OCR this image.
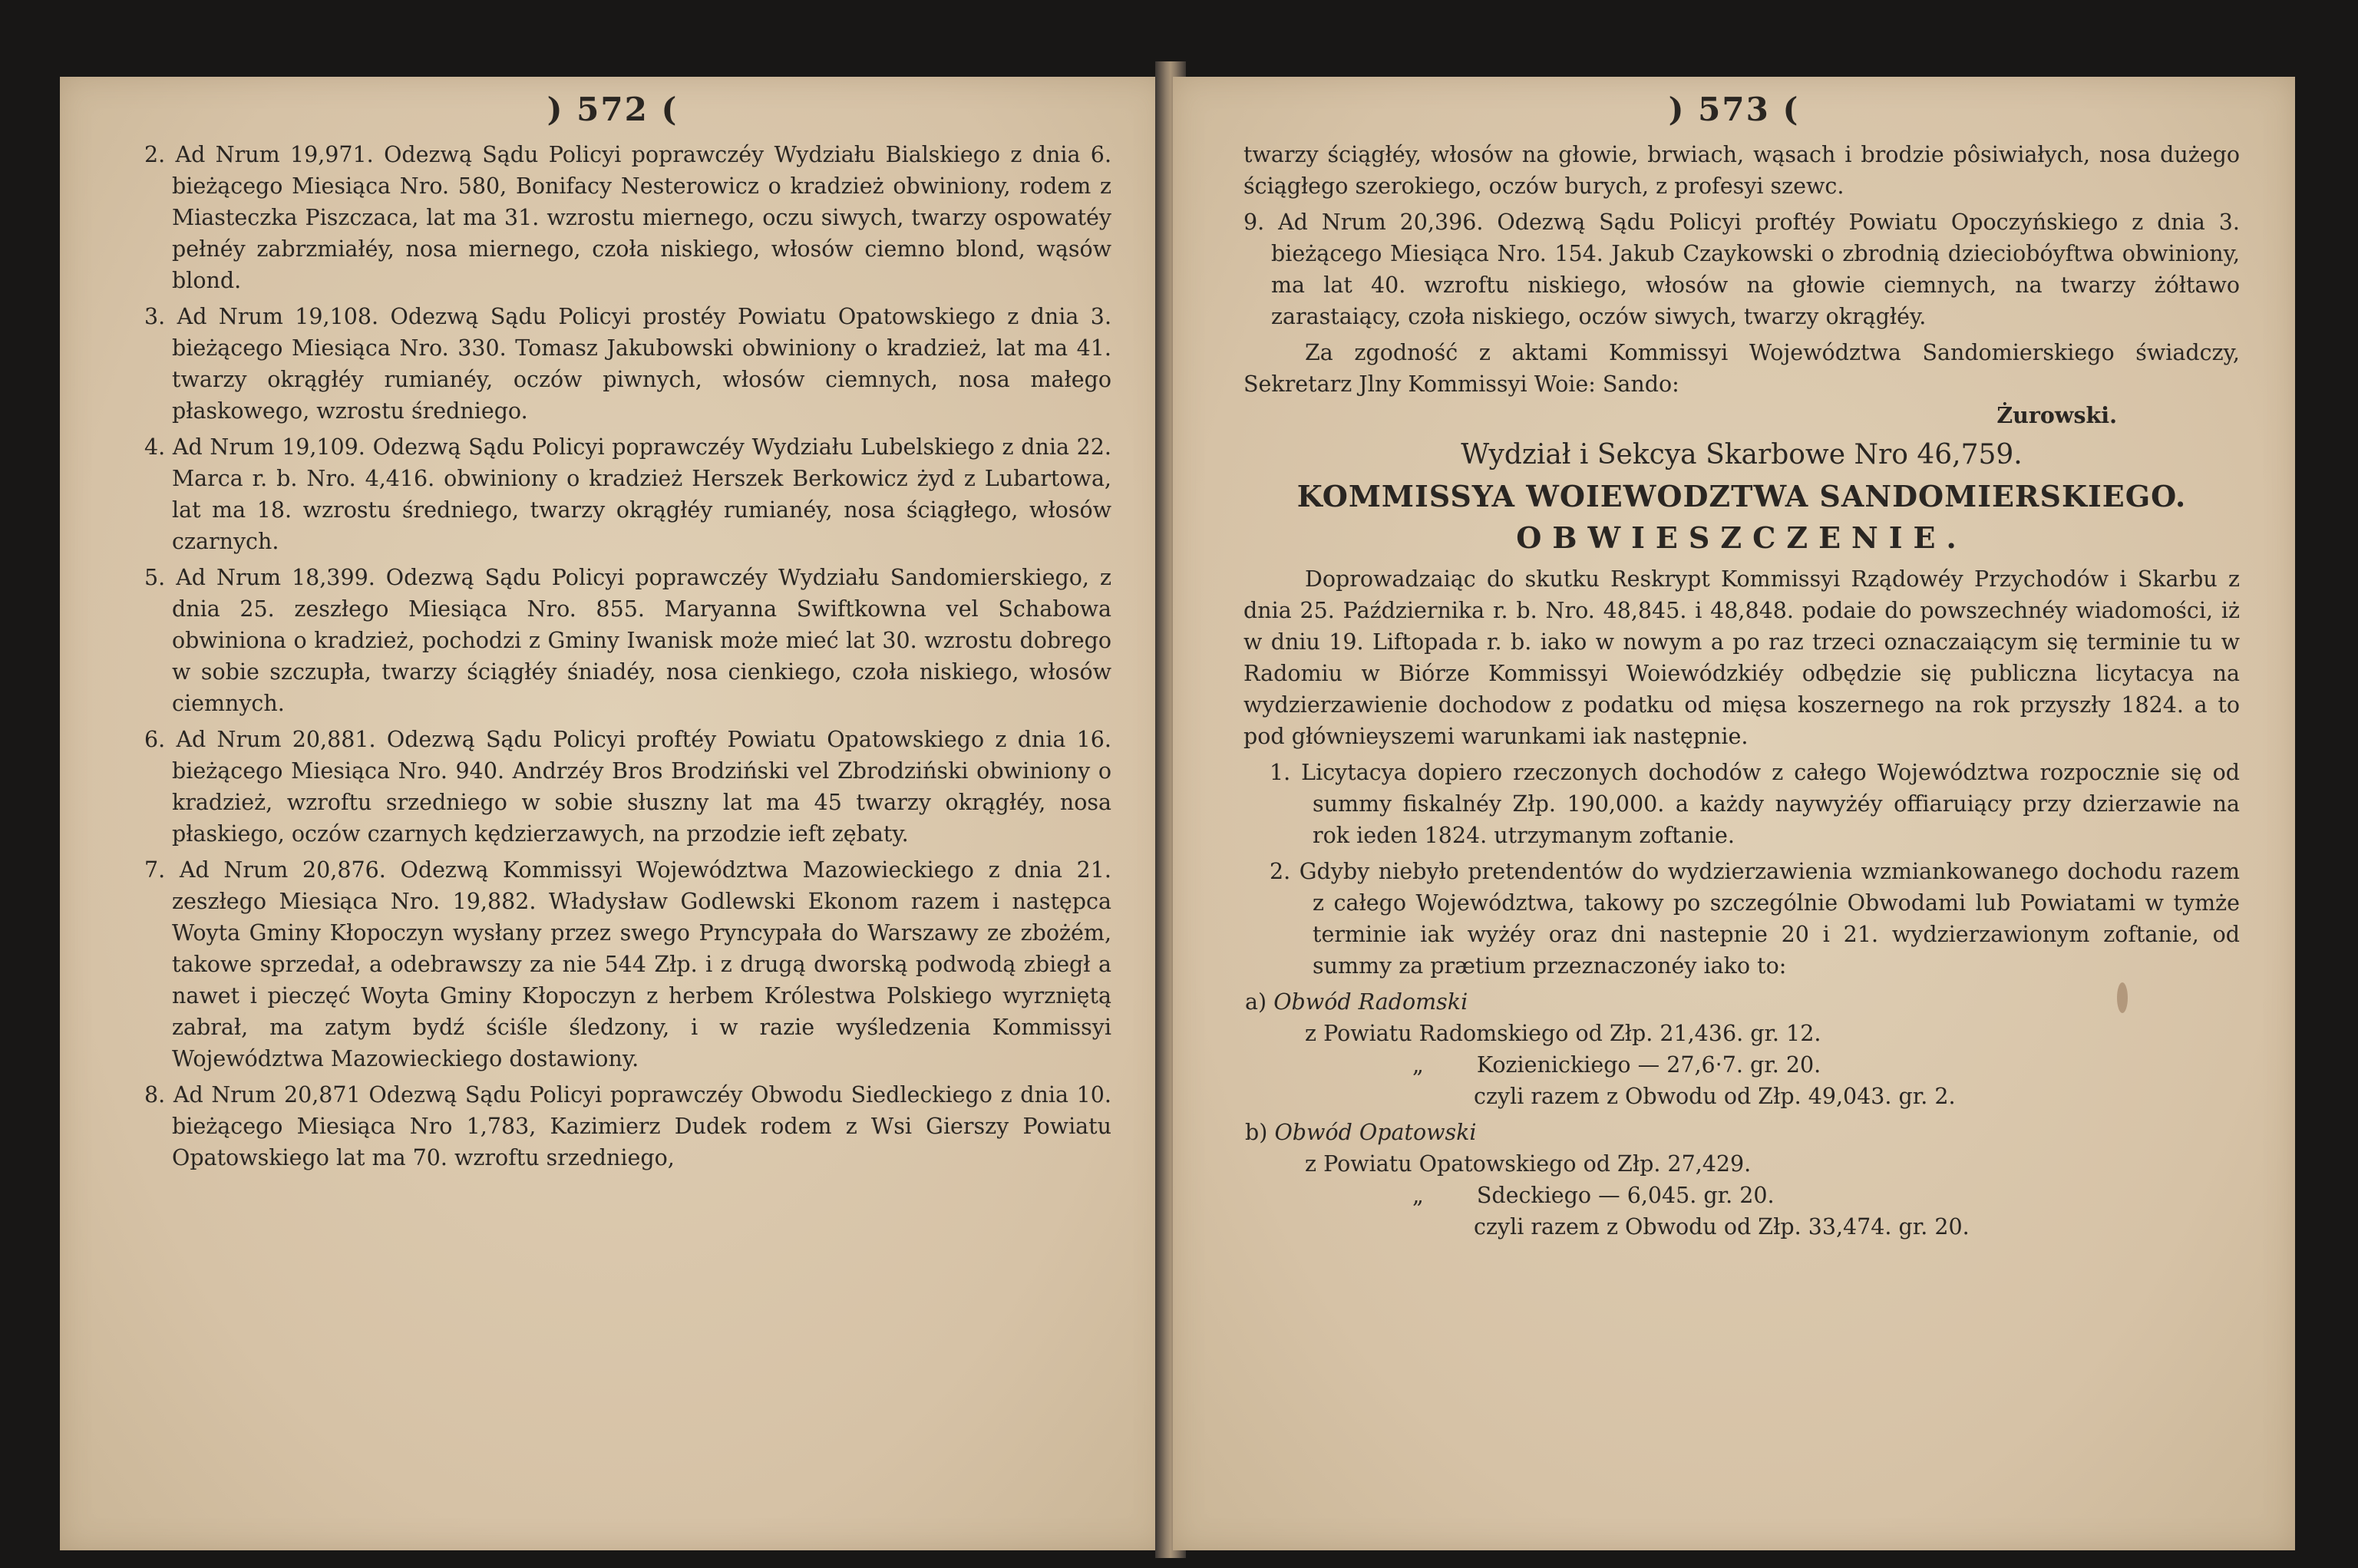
) 572 (

2. Ad Nrum 19,971. Odezwą Sądu Policyi poprawczéy Wydziału Bialskiego z dnia 6. bieżącego Miesiąca Nro. 580, Bonifacy Nesterowicz o kradzież obwiniony, rodem z Miasteczka Piszczaca, lat ma 31. wzrostu miernego, oczu siwych, twarzy ospowatéy pełnéy zabrzmiałéy, nosa miernego, czoła niskiego, włosów ciemno blond, wąsów blond.

3. Ad Nrum 19,108. Odezwą Sądu Policyi prostéy Powiatu Opatowskiego z dnia 3. bieżącego Miesiąca Nro. 330. Tomasz Jakubowski obwiniony o kradzież, lat ma 41. twarzy okrągłéy rumianéy, oczów piwnych, włosów ciemnych, nosa małego płaskowego, wzrostu średniego.

4. Ad Nrum 19,109. Odezwą Sądu Policyi poprawczéy Wydziału Lubelskiego z dnia 22. Marca r. b. Nro. 4,416. obwiniony o kradzież Herszek Berkowicz żyd z Lubartowa, lat ma 18. wzrostu średniego, twarzy okrągłéy rumianéy, nosa ściągłego, włosów czarnych.

5. Ad Nrum 18,399. Odezwą Sądu Policyi poprawczéy Wydziału Sandomierskiego, z dnia 25. zeszłego Miesiąca Nro. 855. Maryanna Swiftkowna vel Schabowa obwiniona o kradzież, pochodzi z Gminy Iwanisk może mieć lat 30. wzrostu dobrego w sobie szczupła, twarzy ściągłéy śniadéy, nosa cienkiego, czoła niskiego, włosów ciemnych.

6. Ad Nrum 20,881. Odezwą Sądu Policyi proftéy Powiatu Opatowskiego z dnia 16. bieżącego Miesiąca Nro. 940. Andrzéy Bros Brodziński vel Zbrodziński obwiniony o kradzież, wzroftu srzedniego w sobie słuszny lat ma 45 twarzy okrągłéy, nosa płaskiego, oczów czarnych kędzierzawych, na przodzie ieft zębaty.

7. Ad Nrum 20,876. Odezwą Kommissyi Województwa Mazowieckiego z dnia 21. zeszłego Miesiąca Nro. 19,882. Władysław Godlewski Ekonom razem i następca Woyta Gminy Kłopoczyn wysłany przez swego Pryncypała do Warszawy ze zbożém, takowe sprzedał, a odebrawszy za nie 544 Złp. i z drugą dworską podwodą zbiegł a nawet i pieczęć Woyta Gminy Kłopoczyn z herbem Królestwa Polskiego wyrzniętą zabrał, ma zatym bydź ściśle śledzony, i w razie wyśledzenia Kommissyi Województwa Mazowieckiego dostawiony.

8. Ad Nrum 20,871 Odezwą Sądu Policyi poprawczéy Obwodu Siedleckiego z dnia 10. bieżącego Miesiąca Nro 1,783, Kazimierz Dudek rodem z Wsi Gierszy Powiatu Opatowskiego lat ma 70. wzroftu srzedniego,

) 573 (

twarzy ściągłéy, włosów na głowie, brwiach, wąsach i brodzie pôsiwiałych, nosa dużego ściągłego szerokiego, oczów burych, z profesyi szewc.

9. Ad Nrum 20,396. Odezwą Sądu Policyi proftéy Powiatu Opoczyńskiego z dnia 3. bieżącego Miesiąca Nro. 154. Jakub Czaykowski o zbrodnią dzieciobóyftwa obwiniony, ma lat 40. wzroftu niskiego, włosów na głowie ciemnych, na twarzy żółtawo zarastaiący, czoła niskiego, oczów siwych, twarzy okrągłéy.

Za zgodność z aktami Kommissyi Województwa Sandomierskiego świadczy, Sekretarz Jlny Kommissyi Woie: Sando:

Żurowski.
Wydział i Sekcya Skarbowe Nro 46,759.
KOMMISSYA WOIEWODZTWA SANDOMIERSKIEGO.
OBWIESZCZENIE.

Doprowadzaiąc do skutku Reskrypt Kommissyi Rządowéy Przychodów i Skarbu z dnia 25. Października r. b. Nro. 48,845. i 48,848. podaie do powszechnéy wiadomości, iż w dniu 19. Liftopada r. b. iako w nowym a po raz trzeci oznaczaiącym się terminie tu w Radomiu w Biórze Kommissyi Woiewódzkiéy odbędzie się publiczna licytacya na wydzierzawienie dochodow z podatku od mięsa koszernego na rok przyszły 1824. a to pod głównieyszemi warunkami iak następnie.

1. Licytacya dopiero rzeczonych dochodów z całego Województwa rozpocznie się od summy fiskalnéy Złp. 190,000. a każdy naywyżéy offiaruiący przy dzierzawie na rok ieden 1824. utrzymanym zoftanie.

2. Gdyby niebyło pretendentów do wydzierzawienia wzmiankowanego dochodu razem z całego Województwa, takowy po szczególnie Obwodami lub Powiatami w tymże terminie iak wyżéy oraz dni nastepnie 20 i 21. wydzierzawionym zoftanie, od summy za prætium przeznaczonéy iako to:

a) Obwód Radomski
z Powiatu Radomskiego od Złp. 21,436. gr. 12.
„ Kozienickiego — 27,6‧7. gr. 20.
czyli razem z Obwodu od Złp. 49,043. gr. 2.
b) Obwód Opatowski
z Powiatu Opatowskiego od Złp. 27,429.
„ Sdeckiego — 6,045. gr. 20.
czyli razem z Obwodu od Złp. 33,474. gr. 20.
